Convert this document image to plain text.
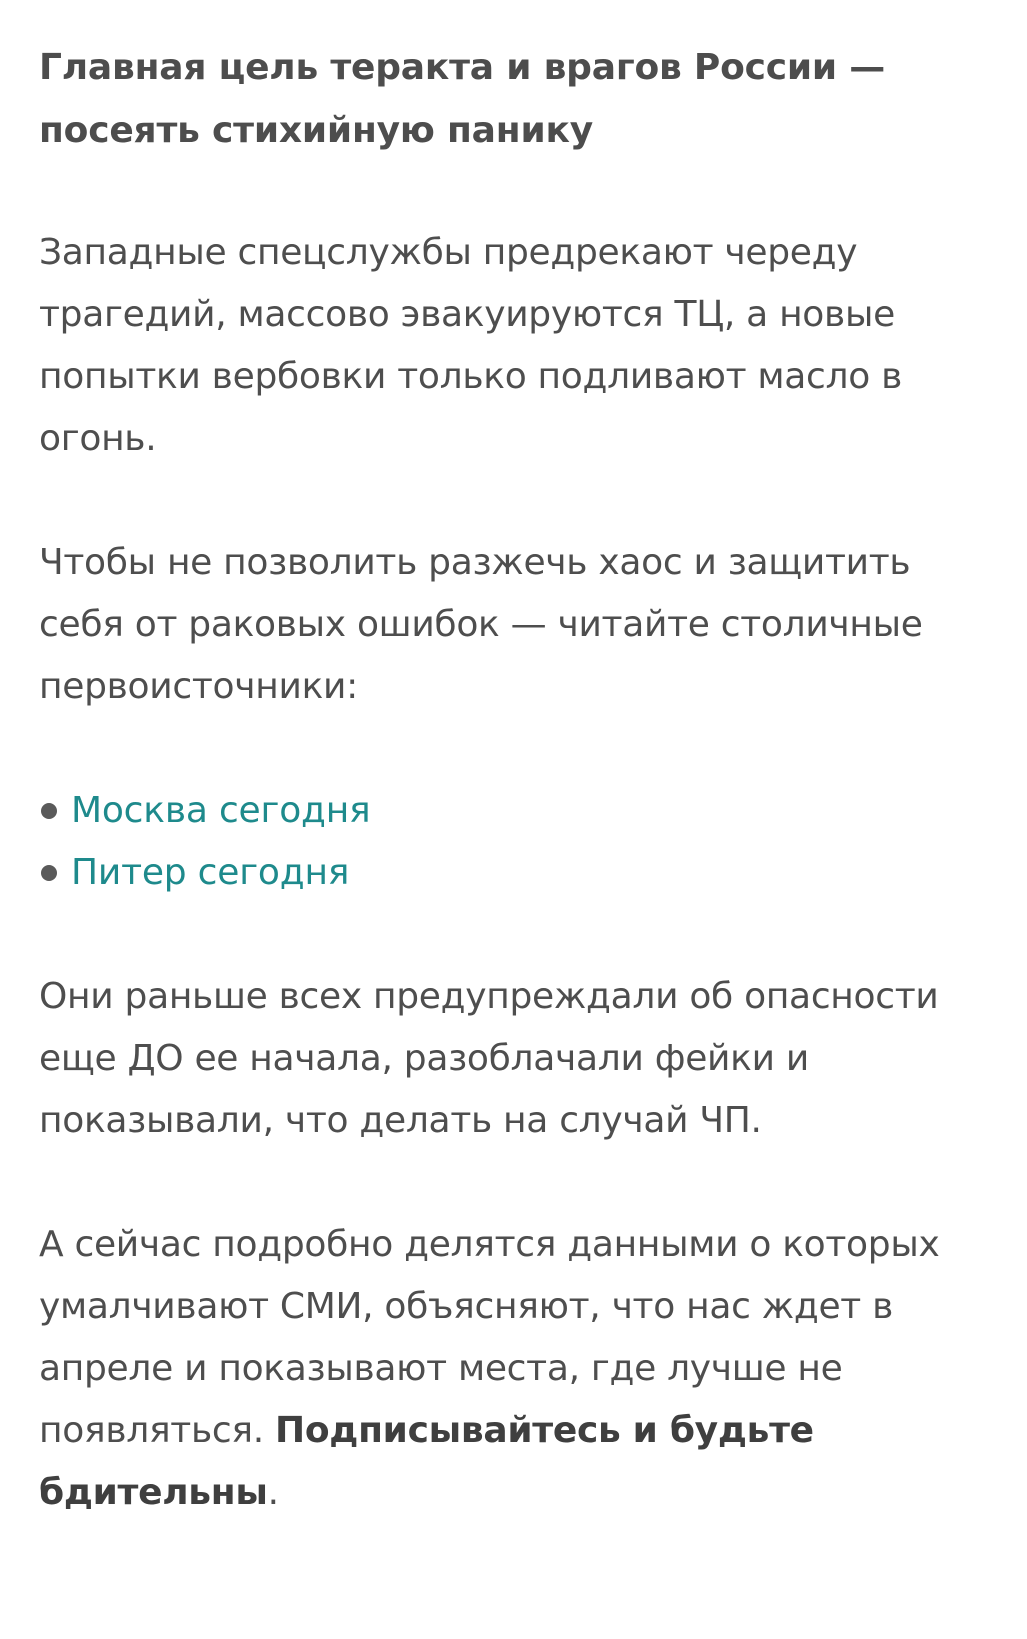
Главная цель теракта и врагов России — посеять стихийную панику

Западные спецслужбы предрекают череду трагедий, массово эвакуируются ТЦ, а новые попытки вербовки только подливают масло в огонь.

Чтобы не позволить разжечь хаос и защитить себя от раковых ошибок — читайте столичные первоисточники:

Москва сегодня
Питер сегодня

Они раньше всех предупреждали об опасности еще ДО ее начала, разоблачали фейки и показывали, что делать на случай ЧП.

А сейчас подробно делятся данными о которых умалчивают СМИ, объясняют, что нас ждет в апреле и показывают места, где лучше не появляться. Подписывайтесь и будьте бдительны.
